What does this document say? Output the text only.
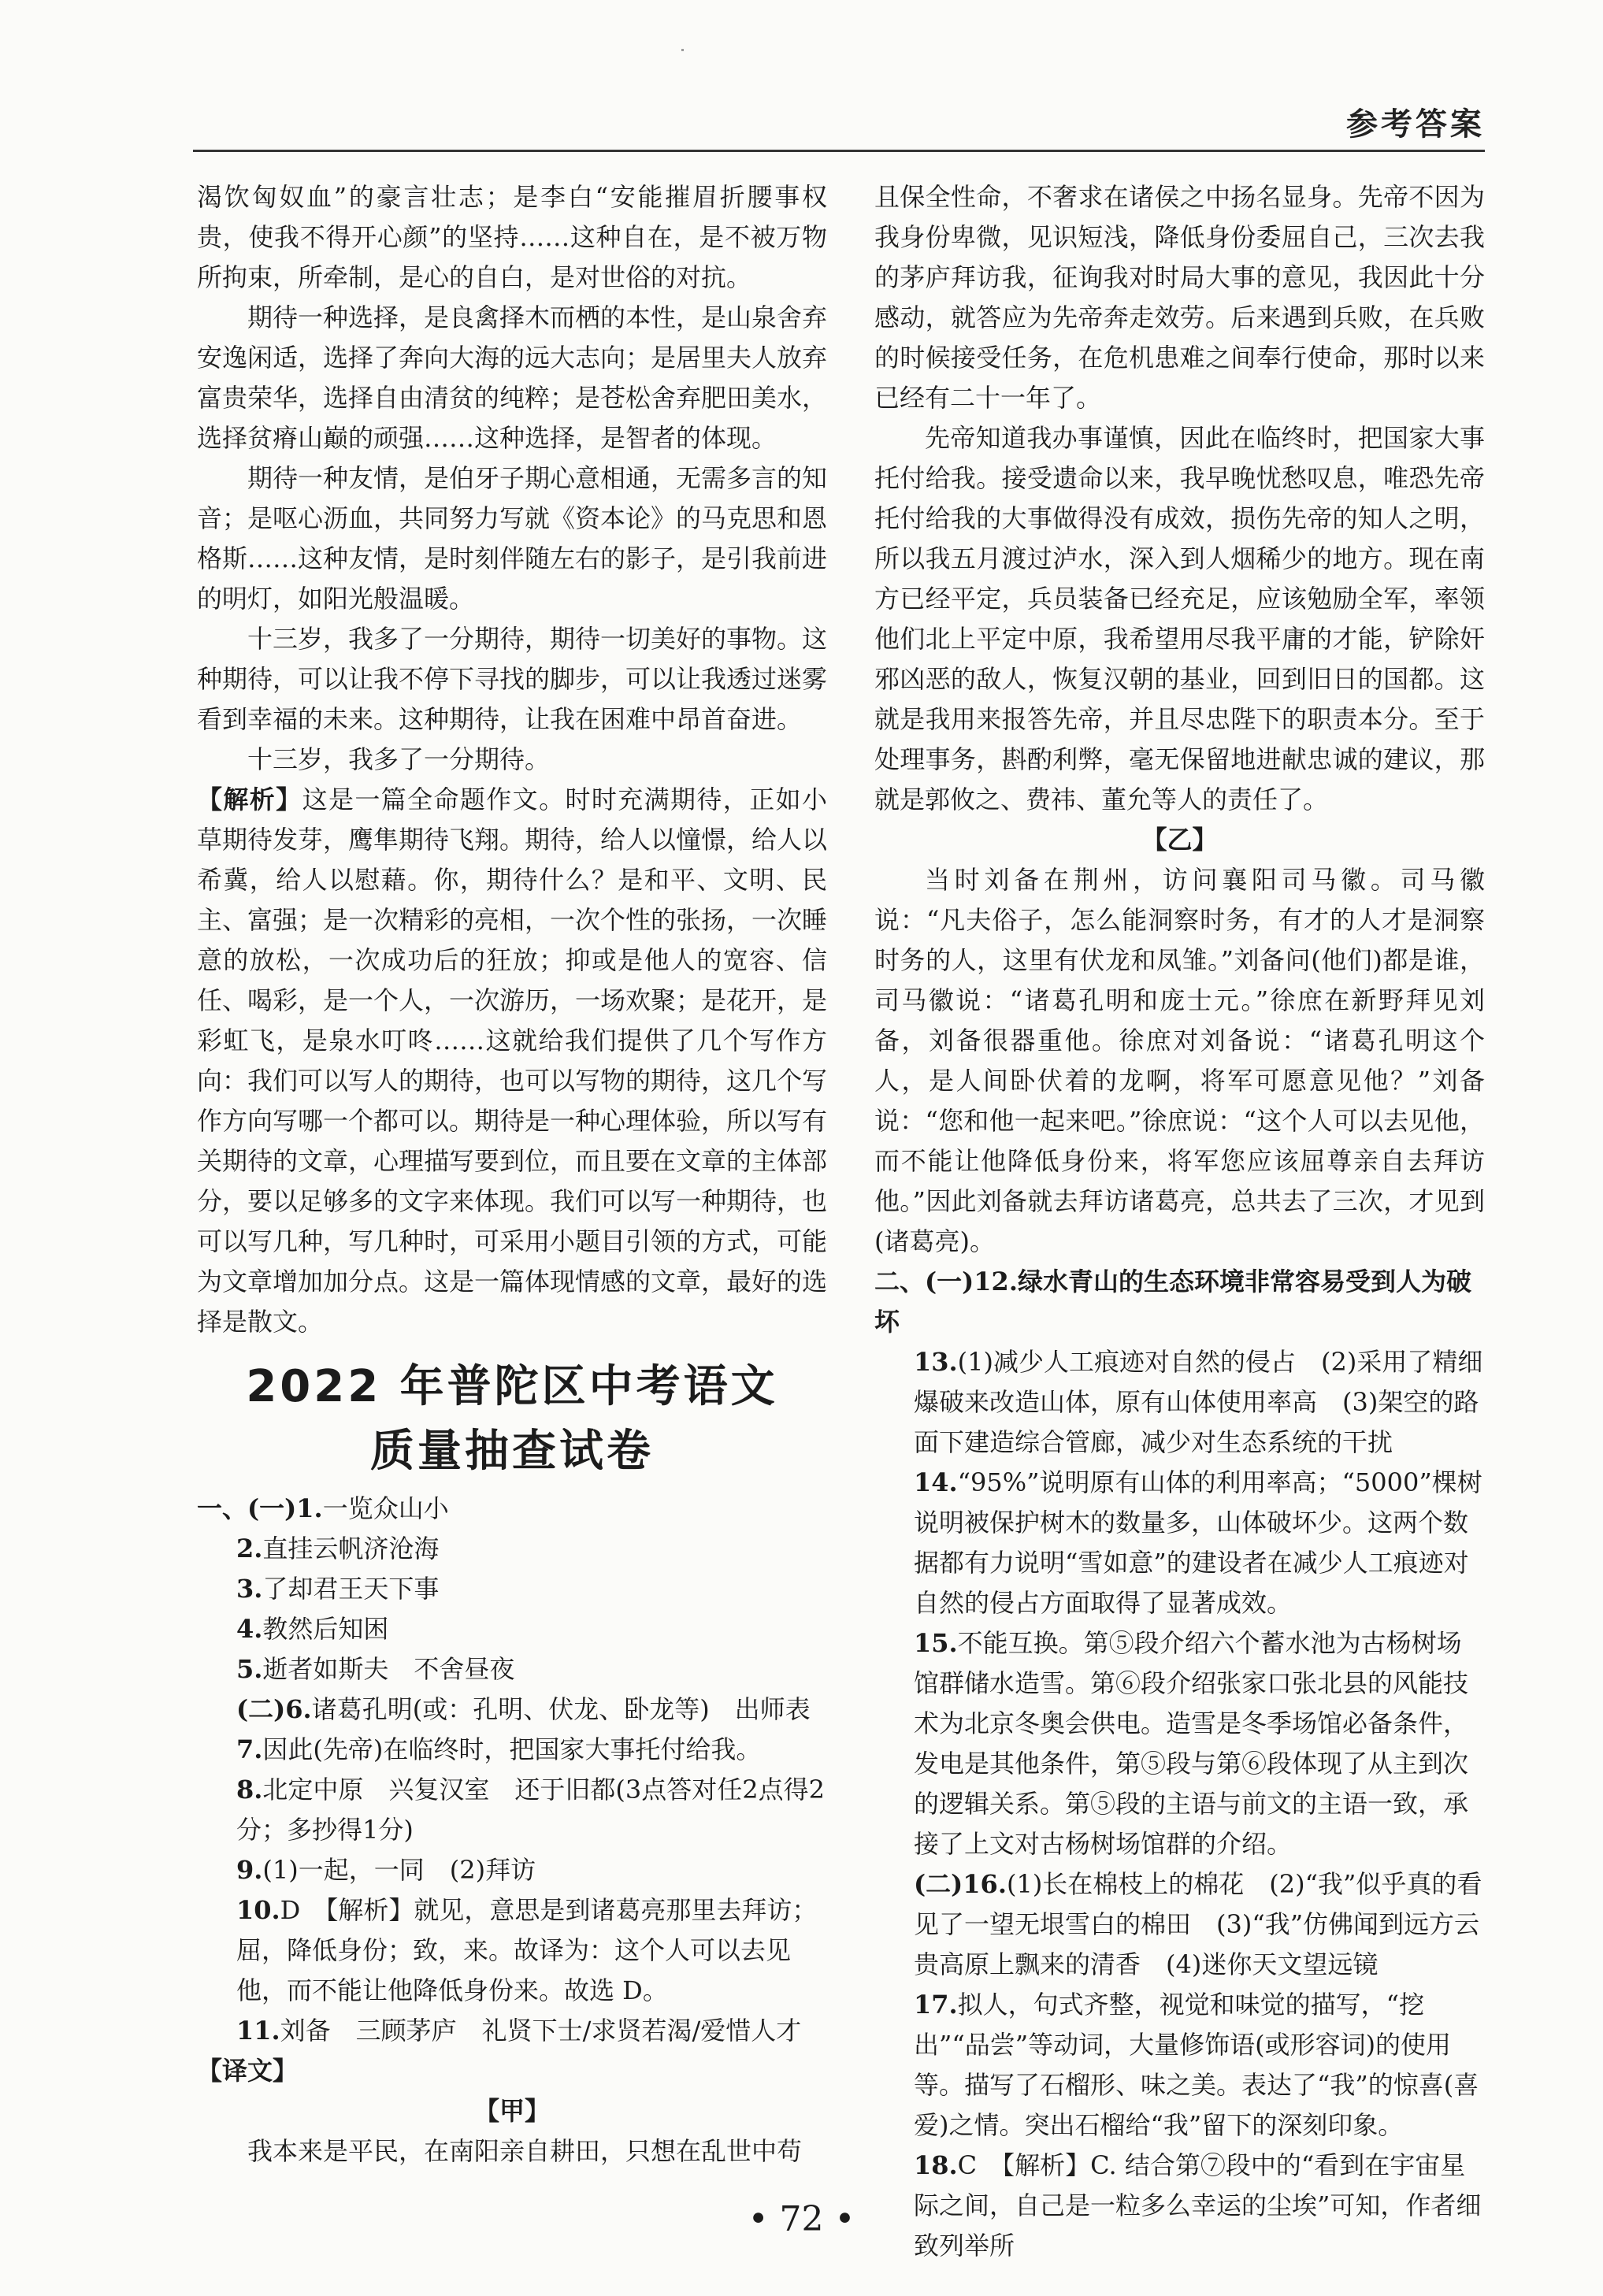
参考答案

渴饮匈奴血”的豪言壮志；是李白“安能摧眉折腰事权贵，使我不得开心颜”的坚持……这种自在，是不被万物所拘束，所牵制，是心的自白，是对世俗的对抗。

期待一种选择，是良禽择木而栖的本性，是山泉舍弃安逸闲适，选择了奔向大海的远大志向；是居里夫人放弃富贵荣华，选择自由清贫的纯粹；是苍松舍弃肥田美水，选择贫瘠山巅的顽强……这种选择，是智者的体现。

期待一种友情，是伯牙子期心意相通，无需多言的知音；是呕心沥血，共同努力写就《资本论》的马克思和恩格斯……这种友情，是时刻伴随左右的影子，是引我前进的明灯，如阳光般温暖。

十三岁，我多了一分期待，期待一切美好的事物。这种期待，可以让我不停下寻找的脚步，可以让我透过迷雾看到幸福的未来。这种期待，让我在困难中昂首奋进。

十三岁，我多了一分期待。

【解析】这是一篇全命题作文。时时充满期待，正如小草期待发芽，鹰隼期待飞翔。期待，给人以憧憬，给人以希冀，给人以慰藉。你，期待什么？是和平、文明、民主、富强；是一次精彩的亮相，一次个性的张扬，一次睡意的放松，一次成功后的狂放；抑或是他人的宽容、信任、喝彩，是一个人，一次游历，一场欢聚；是花开，是彩虹飞，是泉水叮咚……这就给我们提供了几个写作方向：我们可以写人的期待，也可以写物的期待，这几个写作方向写哪一个都可以。期待是一种心理体验，所以写有关期待的文章，心理描写要到位，而且要在文章的主体部分，要以足够多的文字来体现。我们可以写一种期待，也可以写几种，写几种时，可采用小题目引领的方式，可能为文章增加加分点。这是一篇体现情感的文章，最好的选择是散文。

2022 年普陀区中考语文
质量抽查试卷

一、(一)1.一览众山小

2.直挂云帆济沧海

3.了却君王天下事

4.教然后知困

5.逝者如斯夫　不舍昼夜

(二)6.诸葛孔明(或：孔明、伏龙、卧龙等)　出师表

7.因此(先帝)在临终时，把国家大事托付给我。

8.北定中原　兴复汉室　还于旧都(3点答对任2点得2分；多抄得1分)

9.(1)一起，一同　(2)拜访

10.D　【解析】就见，意思是到诸葛亮那里去拜访；屈，降低身份；致，来。故译为：这个人可以去见他，而不能让他降低身份来。故选 D。

11.刘备　三顾茅庐　礼贤下士/求贤若渴/爱惜人才

【译文】

【甲】

我本来是平民，在南阳亲自耕田，只想在乱世中苟

且保全性命，不奢求在诸侯之中扬名显身。先帝不因为我身份卑微，见识短浅，降低身份委屈自己，三次去我的茅庐拜访我，征询我对时局大事的意见，我因此十分感动，就答应为先帝奔走效劳。后来遇到兵败，在兵败的时候接受任务，在危机患难之间奉行使命，那时以来已经有二十一年了。

先帝知道我办事谨慎，因此在临终时，把国家大事托付给我。接受遗命以来，我早晚忧愁叹息，唯恐先帝托付给我的大事做得没有成效，损伤先帝的知人之明，所以我五月渡过泸水，深入到人烟稀少的地方。现在南方已经平定，兵员装备已经充足，应该勉励全军，率领他们北上平定中原，我希望用尽我平庸的才能，铲除奸邪凶恶的敌人，恢复汉朝的基业，回到旧日的国都。这就是我用来报答先帝，并且尽忠陛下的职责本分。至于处理事务，斟酌利弊，毫无保留地进献忠诚的建议，那就是郭攸之、费祎、董允等人的责任了。

【乙】

当时刘备在荆州，访问襄阳司马徽。司马徽说：“凡夫俗子，怎么能洞察时务，有才的人才是洞察时务的人，这里有伏龙和凤雏。”刘备问(他们)都是谁，司马徽说：“诸葛孔明和庞士元。”徐庶在新野拜见刘备，刘备很器重他。徐庶对刘备说：“诸葛孔明这个人，是人间卧伏着的龙啊，将军可愿意见他？”刘备说：“您和他一起来吧。”徐庶说：“这个人可以去见他，而不能让他降低身份来，将军您应该屈尊亲自去拜访他。”因此刘备就去拜访诸葛亮，总共去了三次，才见到(诸葛亮)。

二、(一)12.绿水青山的生态环境非常容易受到人为破坏

13.(1)减少人工痕迹对自然的侵占　(2)采用了精细爆破来改造山体，原有山体使用率高　(3)架空的路面下建造综合管廊，减少对生态系统的干扰

14.“95%”说明原有山体的利用率高；“5000”棵树说明被保护树木的数量多，山体破坏少。这两个数据都有力说明“雪如意”的建设者在减少人工痕迹对自然的侵占方面取得了显著成效。

15.不能互换。第⑤段介绍六个蓄水池为古杨树场馆群储水造雪。第⑥段介绍张家口张北县的风能技术为北京冬奥会供电。造雪是冬季场馆必备条件，发电是其他条件，第⑤段与第⑥段体现了从主到次的逻辑关系。第⑤段的主语与前文的主语一致，承接了上文对古杨树场馆群的介绍。

(二)16.(1)长在棉枝上的棉花　(2)“我”似乎真的看见了一望无垠雪白的棉田　(3)“我”仿佛闻到远方云贵高原上飘来的清香　(4)迷你天文望远镜

17.拟人，句式齐整，视觉和味觉的描写，“挖出”“品尝”等动词，大量修饰语(或形容词)的使用等。描写了石榴形、味之美。表达了“我”的惊喜(喜爱)之情。突出石榴给“我”留下的深刻印象。

18.C　【解析】C. 结合第⑦段中的“看到在宇宙星际之间，自己是一粒多么幸运的尘埃”可知，作者细致列举所

• 72 •
